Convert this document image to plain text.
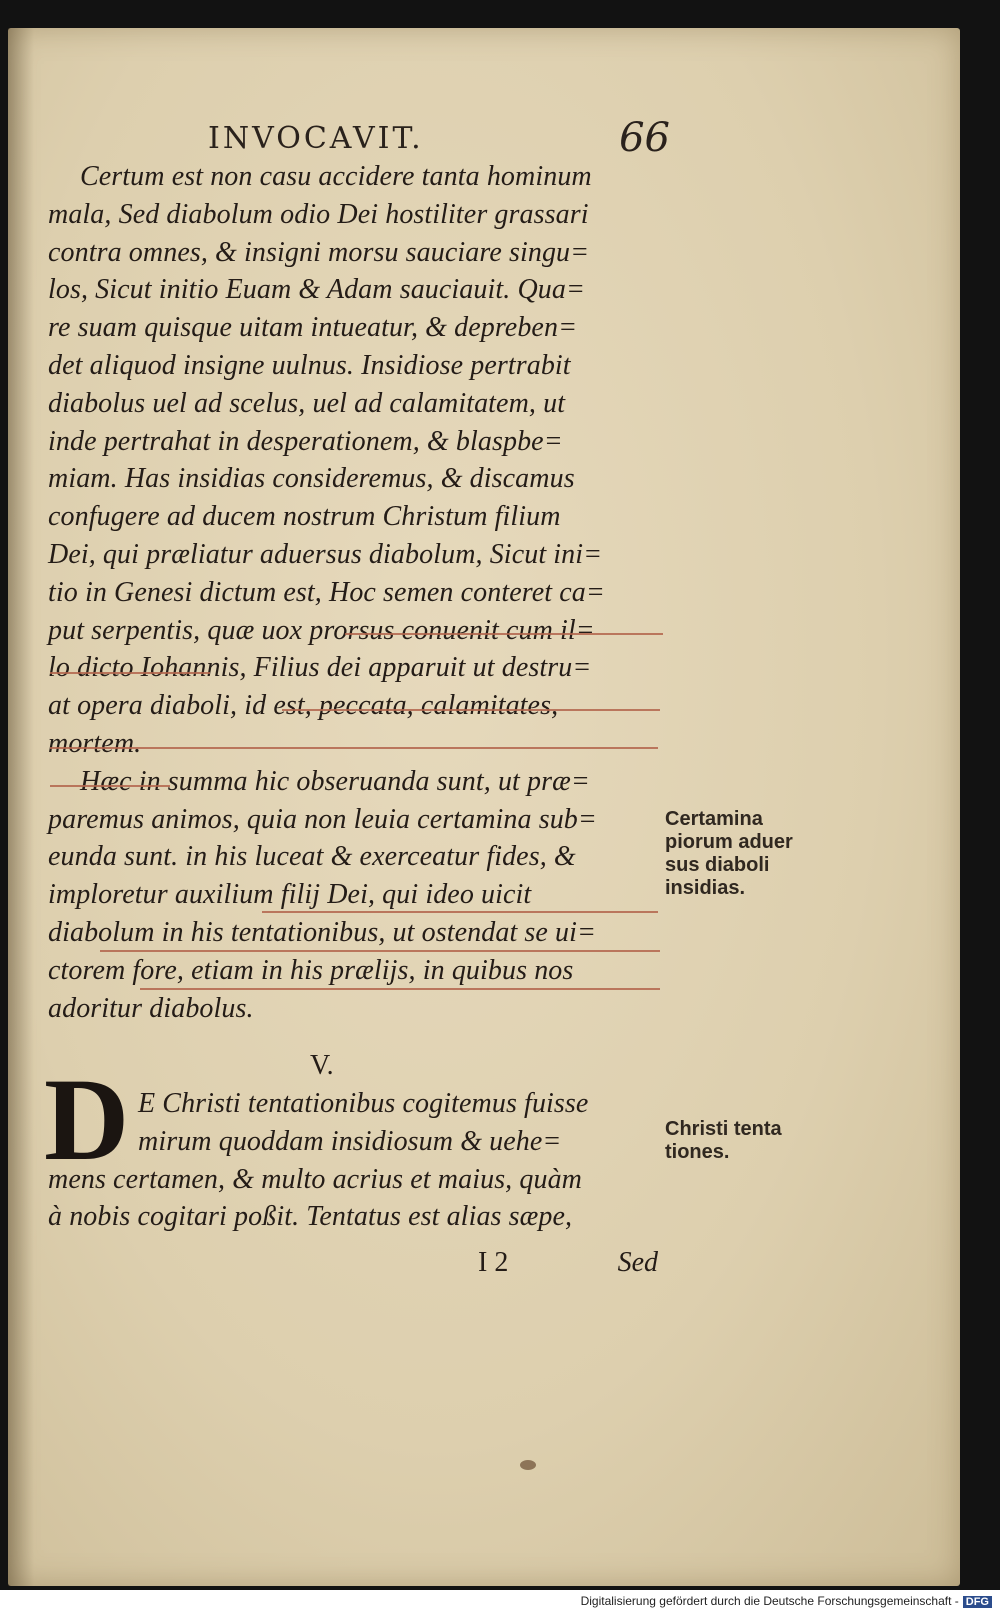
INVOCAVIT.	66
Certum est non casu accidere tanta hominum
mala, Sed diabolum odio Dei hostiliter grassari
contra omnes, & insigni morsu sauciare singu=
los, Sicut initio Euam & Adam sauciauit. Qua=
re suam quisque uitam intueatur, & depreben=
det aliquod insigne uulnus. Insidiose pertrabit
diabolus uel ad scelus, uel ad calamitatem, ut
inde pertrahat in desperationem, & blaspbe=
miam. Has insidias consideremus, & discamus
confugere ad ducem nostrum Christum filium
Dei, qui præliatur aduersus diabolum, Sicut ini=
tio in Genesi dictum est, Hoc semen conteret ca=
put serpentis, quæ uox prorsus conuenit cum il=
lo dicto Iohannis, Filius dei apparuit ut destru=
at opera diaboli, id est, peccata, calamitates,
mortem.
Hæc in summa hic obseruanda sunt, ut præ=
paremus animos, quia non leuia certamina sub=
eunda sunt. in his luceat & exerceatur fides, &
imploretur auxilium filij Dei, qui ideo uicit
diabolum in his tentationibus, ut ostendat se ui=
ctorem fore, etiam in his prælijs, in quibus nos
adoritur diabolus.
V.
D E Christi tentationibus cogitemus fuisse
mirum quoddam insidiosum & uehe=
mens certamen, & multo acrius et maius, quàm
à nobis cogitari poßit. Tentatus est alias sæpe,
I 2	Sed
Certamina
piorum aduer
sus diaboli
insidias.
Christi tenta
tiones.
Digitalisierung gefördert durch die Deutsche Forschungsgemeinschaft - DFG
